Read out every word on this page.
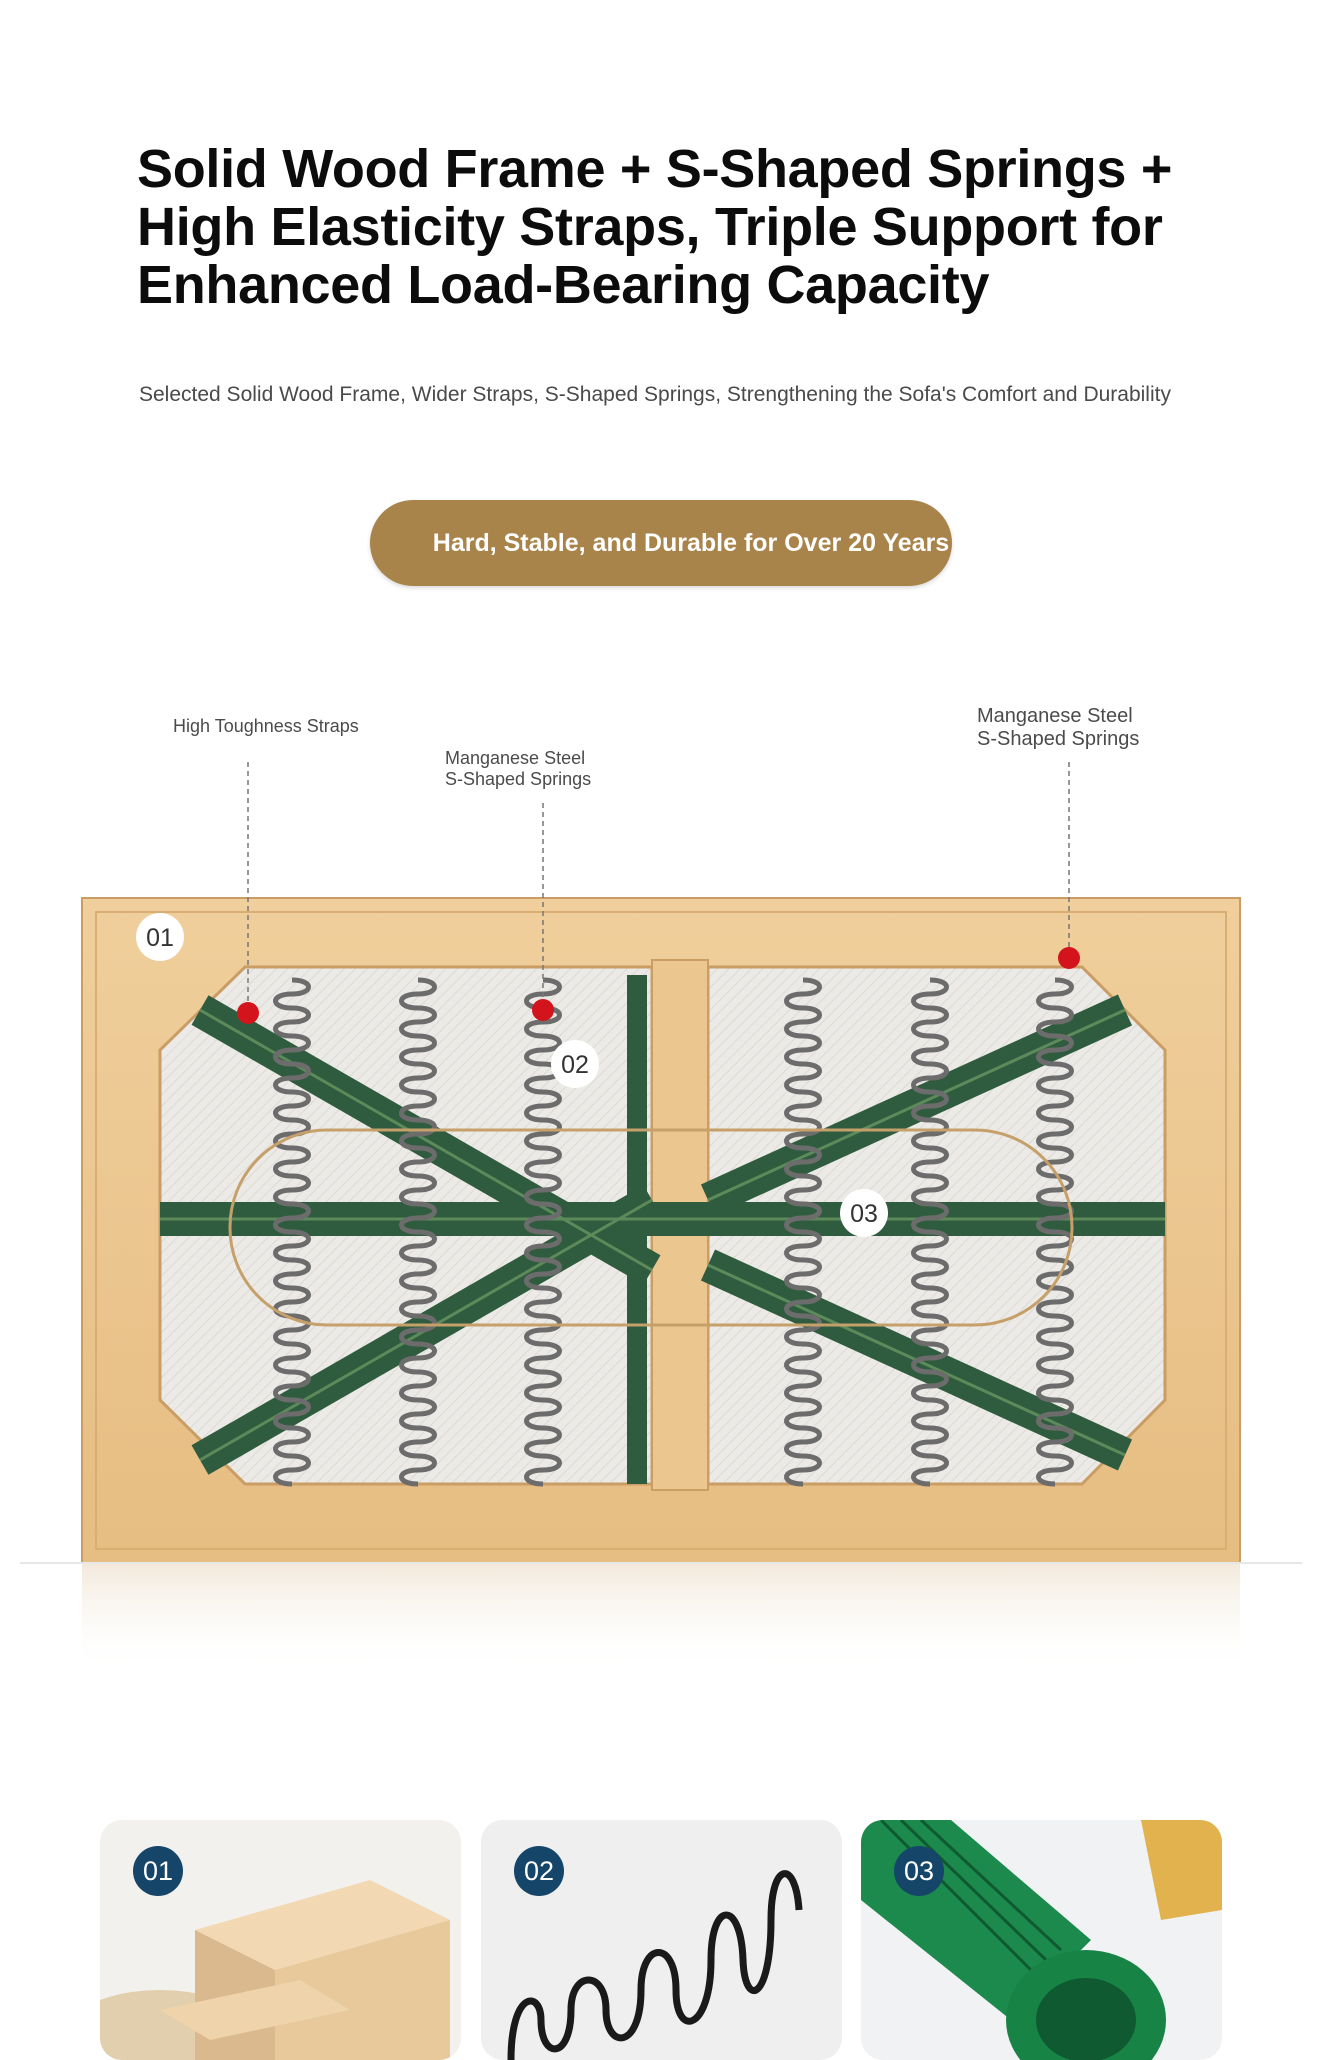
Solid Wood Frame + S-Shaped Springs + High Elasticity Straps, Triple Support for Enhanced Load-Bearing Capacity

Selected Solid Wood Frame, Wider Straps, S-Shaped Springs, Strengthening the Sofa's Comfort and Durability

Hard, Stable, and Durable for Over 20 Years
High Toughness Straps
Manganese Steel
S-Shaped Springs
Manganese Steel
S-Shaped Springs
01
02
03
01	02	03
